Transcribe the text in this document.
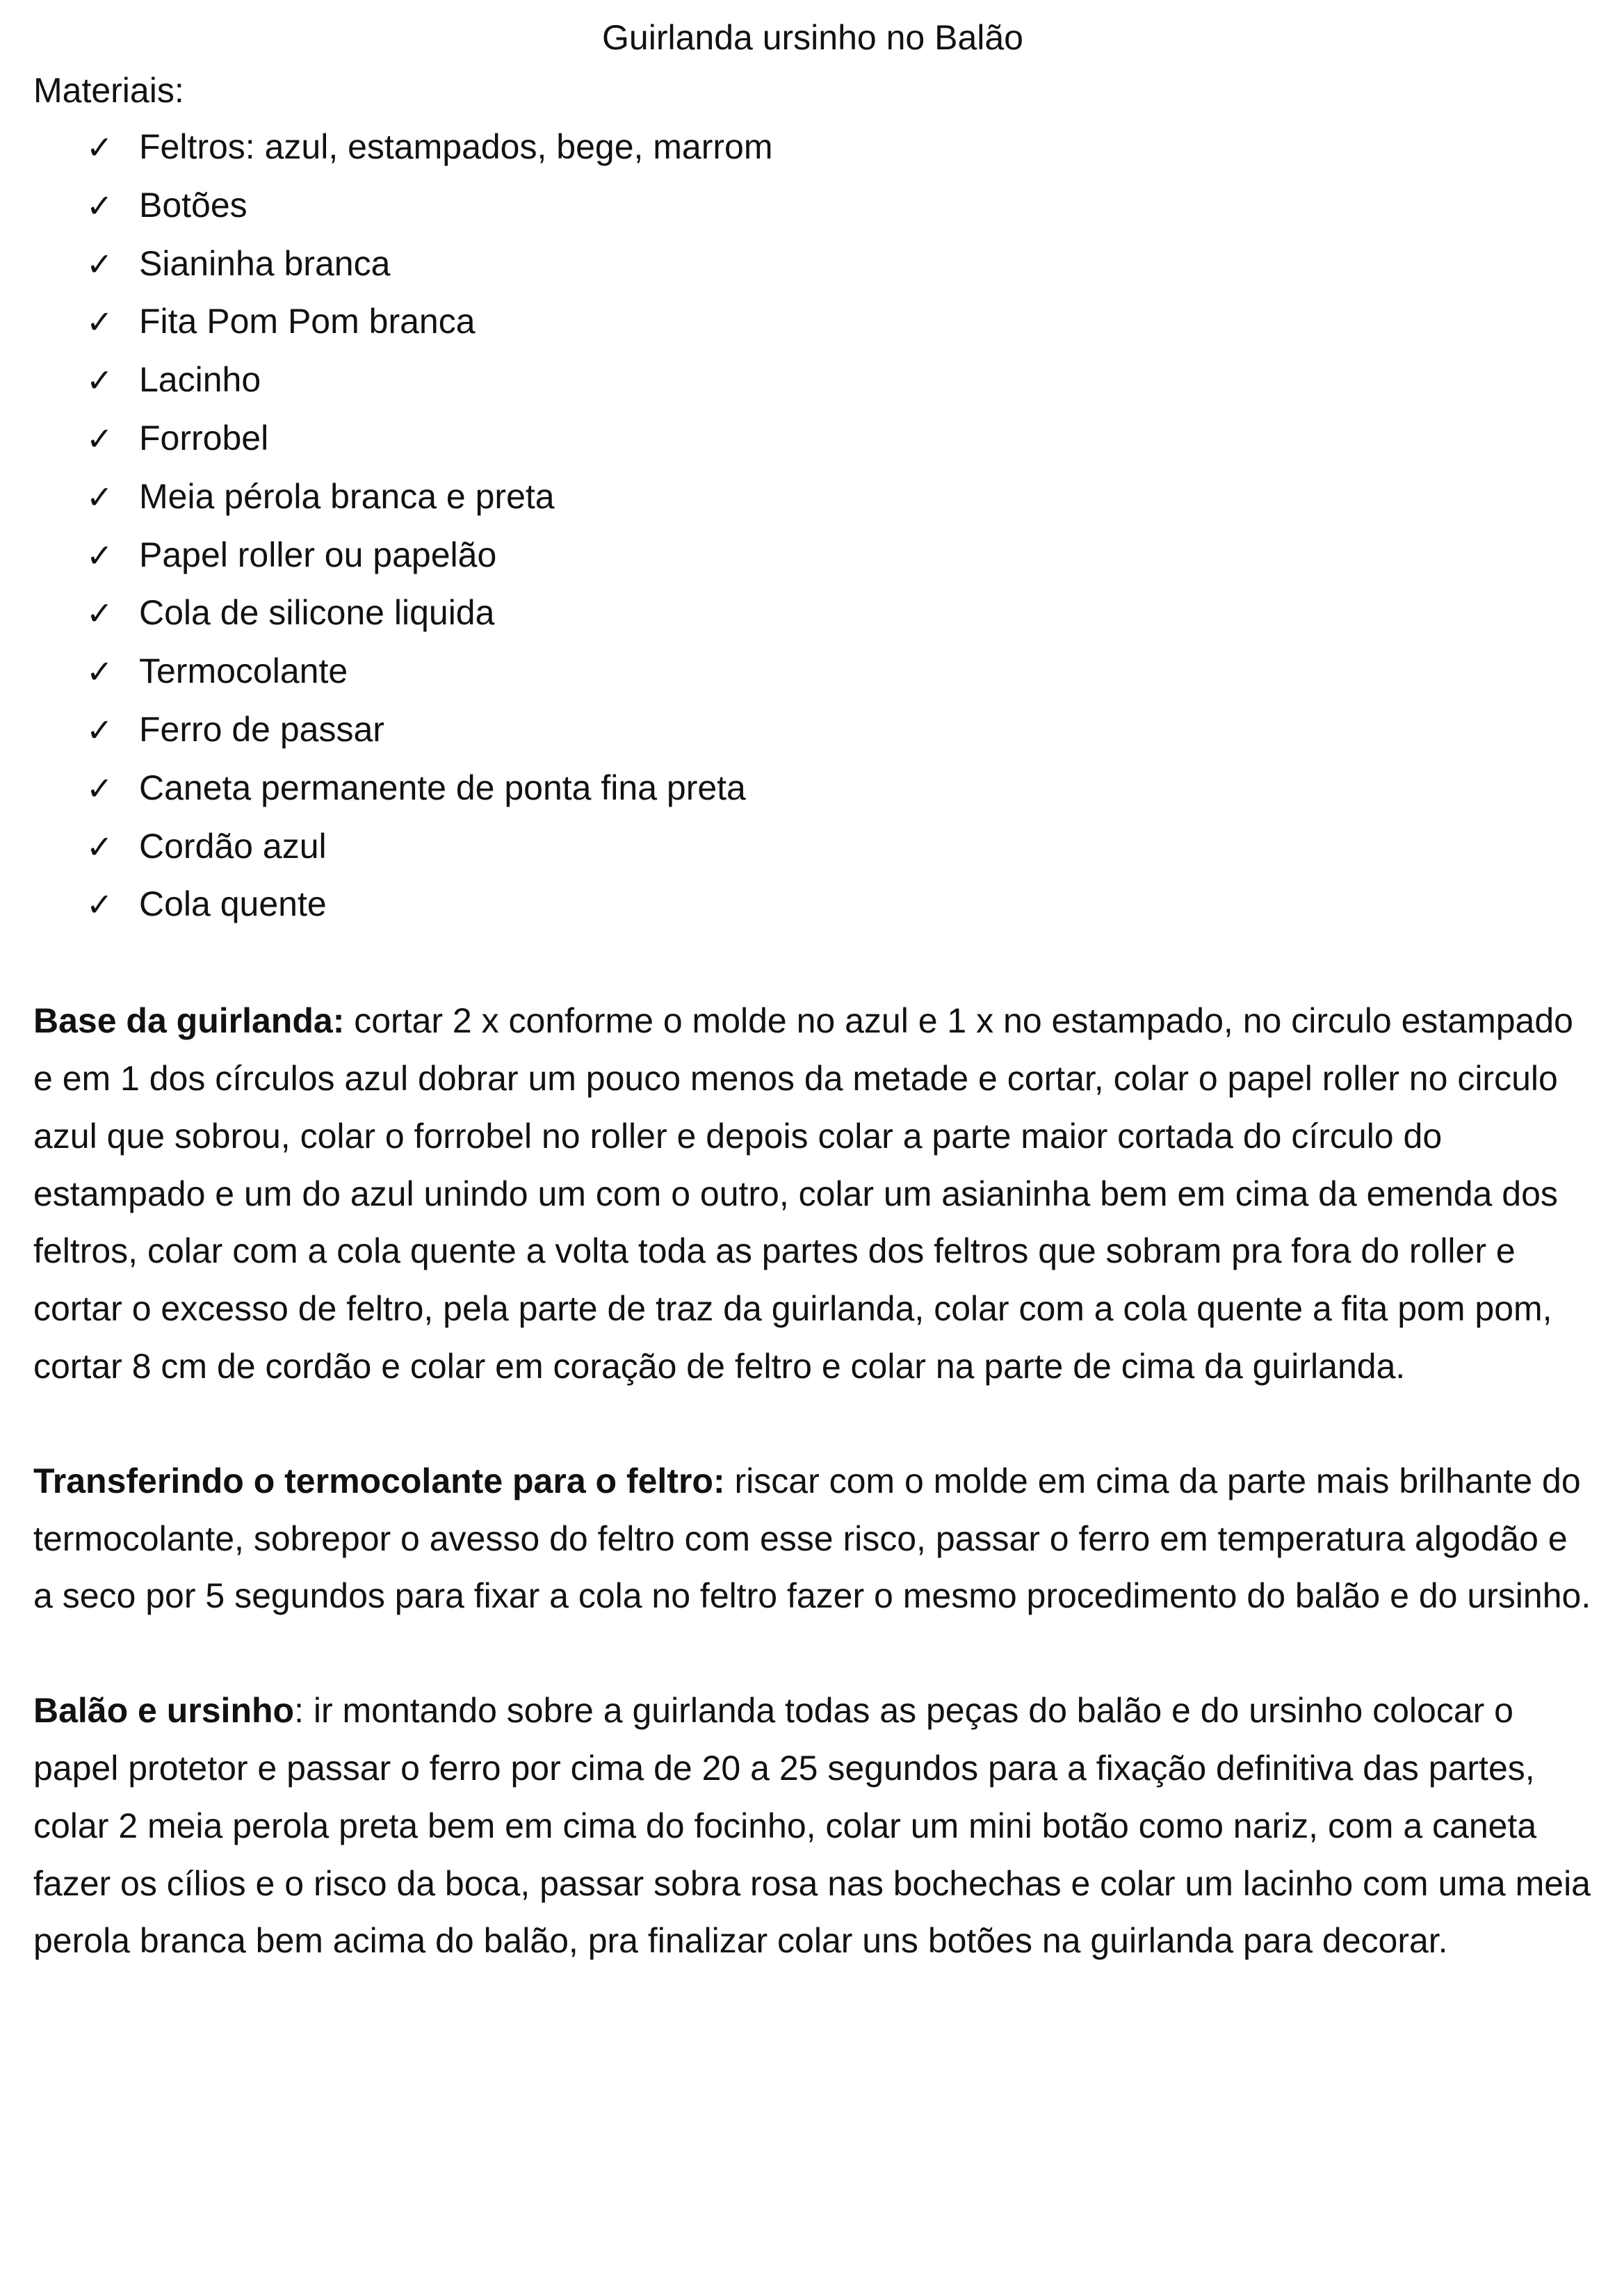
Guirlanda ursinho no Balão

Materiais:

✓ Feltros: azul, estampados, bege, marrom
✓ Botões
✓ Sianinha branca
✓ Fita Pom Pom branca
✓ Lacinho
✓ Forrobel
✓ Meia pérola branca e preta
✓ Papel roller ou papelão
✓ Cola de silicone liquida
✓ Termocolante
✓ Ferro de passar
✓ Caneta permanente de ponta fina preta
✓ Cordão azul
✓ Cola quente

Base da guirlanda: cortar 2 x conforme o molde no azul e 1 x no estampado, no circulo estampado e em 1 dos círculos azul dobrar um pouco menos da metade e cortar, colar o papel roller no circulo azul que sobrou, colar o forrobel no roller e depois colar a parte maior cortada do círculo do estampado e um do azul unindo um com o outro, colar um asianinha bem em cima da emenda dos feltros, colar com a cola quente a volta toda as partes dos feltros que sobram pra fora do roller e cortar o excesso de feltro, pela parte de traz da guirlanda, colar com a cola quente a fita pom pom, cortar 8 cm de cordão e colar em coração de feltro e colar na parte de cima da guirlanda.

Transferindo o termocolante para o feltro: riscar com o molde em cima da parte mais brilhante do termocolante, sobrepor o avesso do feltro com esse risco, passar o ferro em temperatura algodão e a seco por 5 segundos para fixar a cola no feltro fazer o mesmo procedimento do balão e do ursinho.

Balão e ursinho: ir montando sobre a guirlanda todas as peças do balão e do ursinho colocar o papel protetor e passar o ferro por cima de 20 a 25 segundos para a fixação definitiva das partes, colar 2 meia perola preta bem em cima do focinho, colar um mini botão como nariz, com a caneta fazer os cílios e o risco da boca, passar sobra rosa nas bochechas e colar um lacinho com uma meia perola branca bem acima do balão, pra finalizar colar uns botões na guirlanda para decorar.
